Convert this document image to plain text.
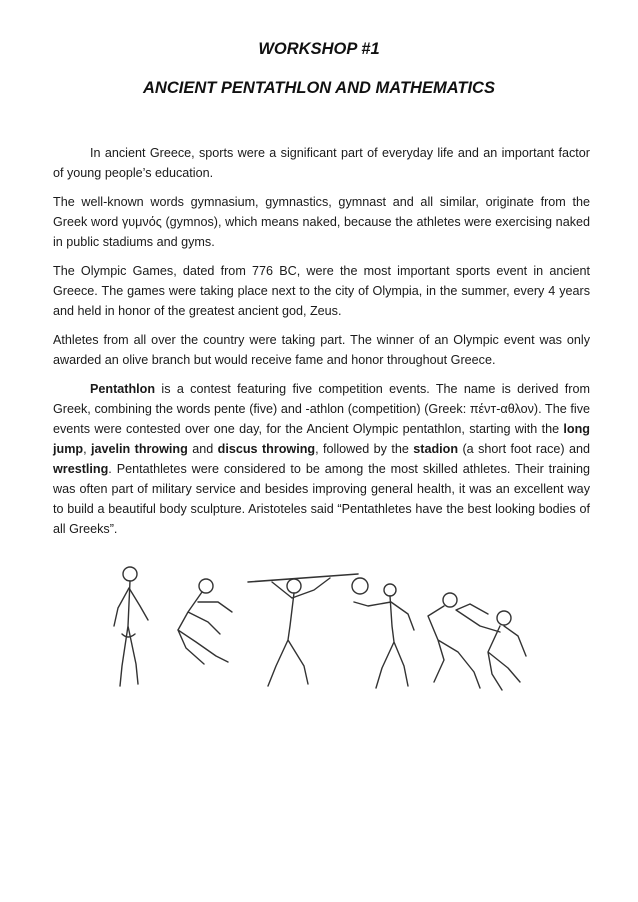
WORKSHOP #1
ANCIENT PENTATHLON AND MATHEMATICS

In ancient Greece, sports were a significant part of everyday life and an important factor of young people’s education.

The well-known words gymnasium, gymnastics, gymnast and all similar, originate from the Greek word γυμνός (gymnos), which means naked, because the athletes were exercising naked in public stadiums and gyms.

The Olympic Games, dated from 776 BC, were the most important sports event in ancient Greece. The games were taking place next to the city of Olympia, in the summer, every 4 years and held in honor of the greatest ancient god, Zeus.

Athletes from all over the country were taking part. The winner of an Olympic event was only awarded an olive branch but would receive fame and honor throughout Greece.

Pentathlon is a contest featuring five competition events. The name is derived from Greek, combining the words pente (five) and -athlon (competition) (Greek: πένт-αθλον). The five events were contested over one day, for the Ancient Olympic pentathlon, starting with the long jump, javelin throwing and discus throwing, followed by the stadion (a short foot race) and wrestling. Pentathletes were considered to be among the most skilled athletes. Their training was often part of military service and besides improving general health, it was an excellent way to build a beautiful body sculpture. Aristoteles said “Pentathletes have the best looking bodies of all Greeks”.
